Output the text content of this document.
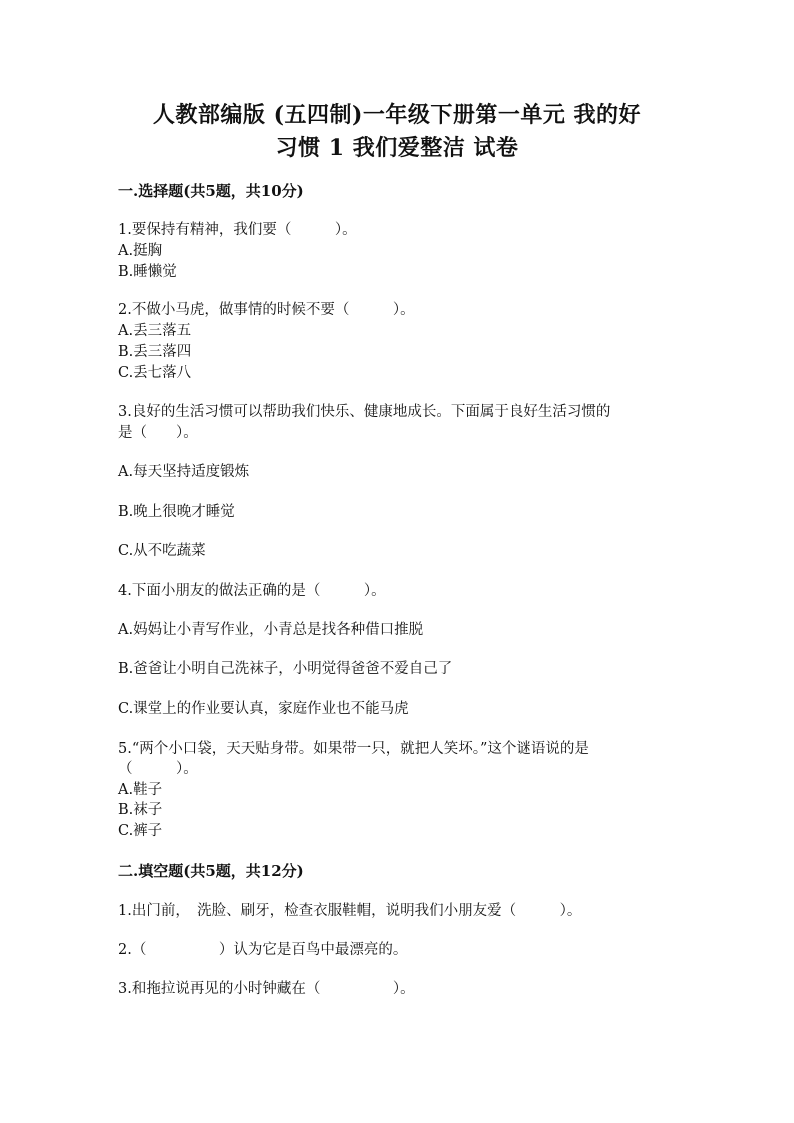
人教部编版 (五四制)一年级下册第一单元 我的好
习惯 1 我们爱整洁 试卷
一.选择题(共5题，共10分)
1.要保持有精神，我们要（　　　）。
A.挺胸
B.睡懒觉
2.不做小马虎，做事情的时候不要（　　　）。
A.丢三落五
B.丢三落四
C.丢七落八
3.良好的生活习惯可以帮助我们快乐、健康地成长。下面属于良好生活习惯的
是（　　）。
A.每天坚持适度锻炼
B.晚上很晚才睡觉
C.从不吃蔬菜
4.下面小朋友的做法正确的是（　　　）。
A.妈妈让小青写作业，小青总是找各种借口推脱
B.爸爸让小明自己洗袜子，小明觉得爸爸不爱自己了
C.课堂上的作业要认真，家庭作业也不能马虎
5.“两个小口袋，天天贴身带。如果带一只，就把人笑坏。”这个谜语说的是
（　　　）。
A.鞋子
B.袜子
C.裤子
二.填空题(共5题，共12分)
1.出门前，　洗脸、刷牙，检查衣服鞋帽，说明我们小朋友爱（　　　）。
2.（　　　　　）认为它是百鸟中最漂亮的。
3.和拖拉说再见的小时钟藏在（　　　　　）。
